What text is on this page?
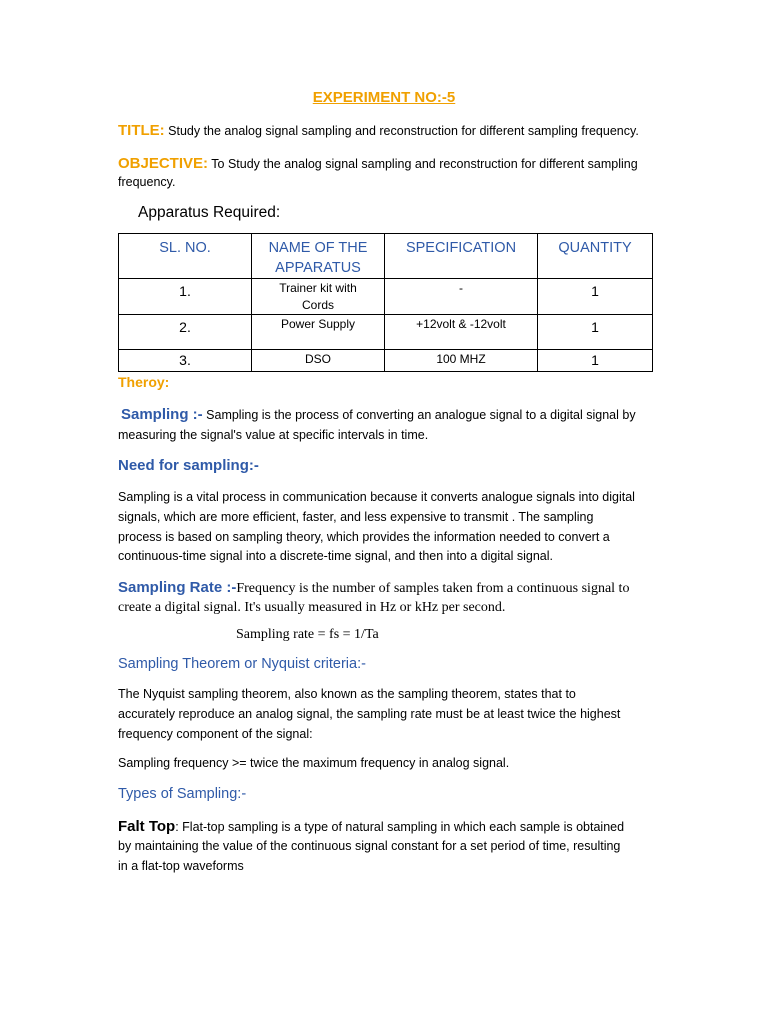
EXPERIMENT NO:-5
TITLE: Study the analog signal sampling and reconstruction for different sampling frequency.
OBJECTIVE: To Study the analog signal sampling and reconstruction for different sampling
frequency.
Apparatus Required:
SL. NO.	NAME OF THE APPARATUS	SPECIFICATION	QUANTITY
1.	Trainer kit with Cords	-	1
2.	Power Supply	+12volt & -12volt	1
3.	DSO	100 MHZ	1
Theroy:
Sampling :- Sampling is the process of converting an analogue signal to a digital signal by
measuring the signal's value at specific intervals in time.
Need for sampling:-
Sampling is a vital process in communication because it converts analogue signals into digital
signals, which are more efficient, faster, and less expensive to transmit . The sampling
process is based on sampling theory, which provides the information needed to convert a
continuous-time signal into a discrete-time signal, and then into a digital signal.
Sampling Rate :-Frequency is the number of samples taken from a continuous signal to
create a digital signal. It's usually measured in Hz or kHz per second.
Sampling rate = fs = 1/Ta
Sampling Theorem or Nyquist criteria:-
The Nyquist sampling theorem, also known as the sampling theorem, states that to
accurately reproduce an analog signal, the sampling rate must be at least twice the highest
frequency component of the signal:
Sampling frequency >= twice the maximum frequency in analog signal.
Types of Sampling:-
Falt Top: Flat-top sampling is a type of natural sampling in which each sample is obtained
by maintaining the value of the continuous signal constant for a set period of time, resulting
in a flat-top waveforms
